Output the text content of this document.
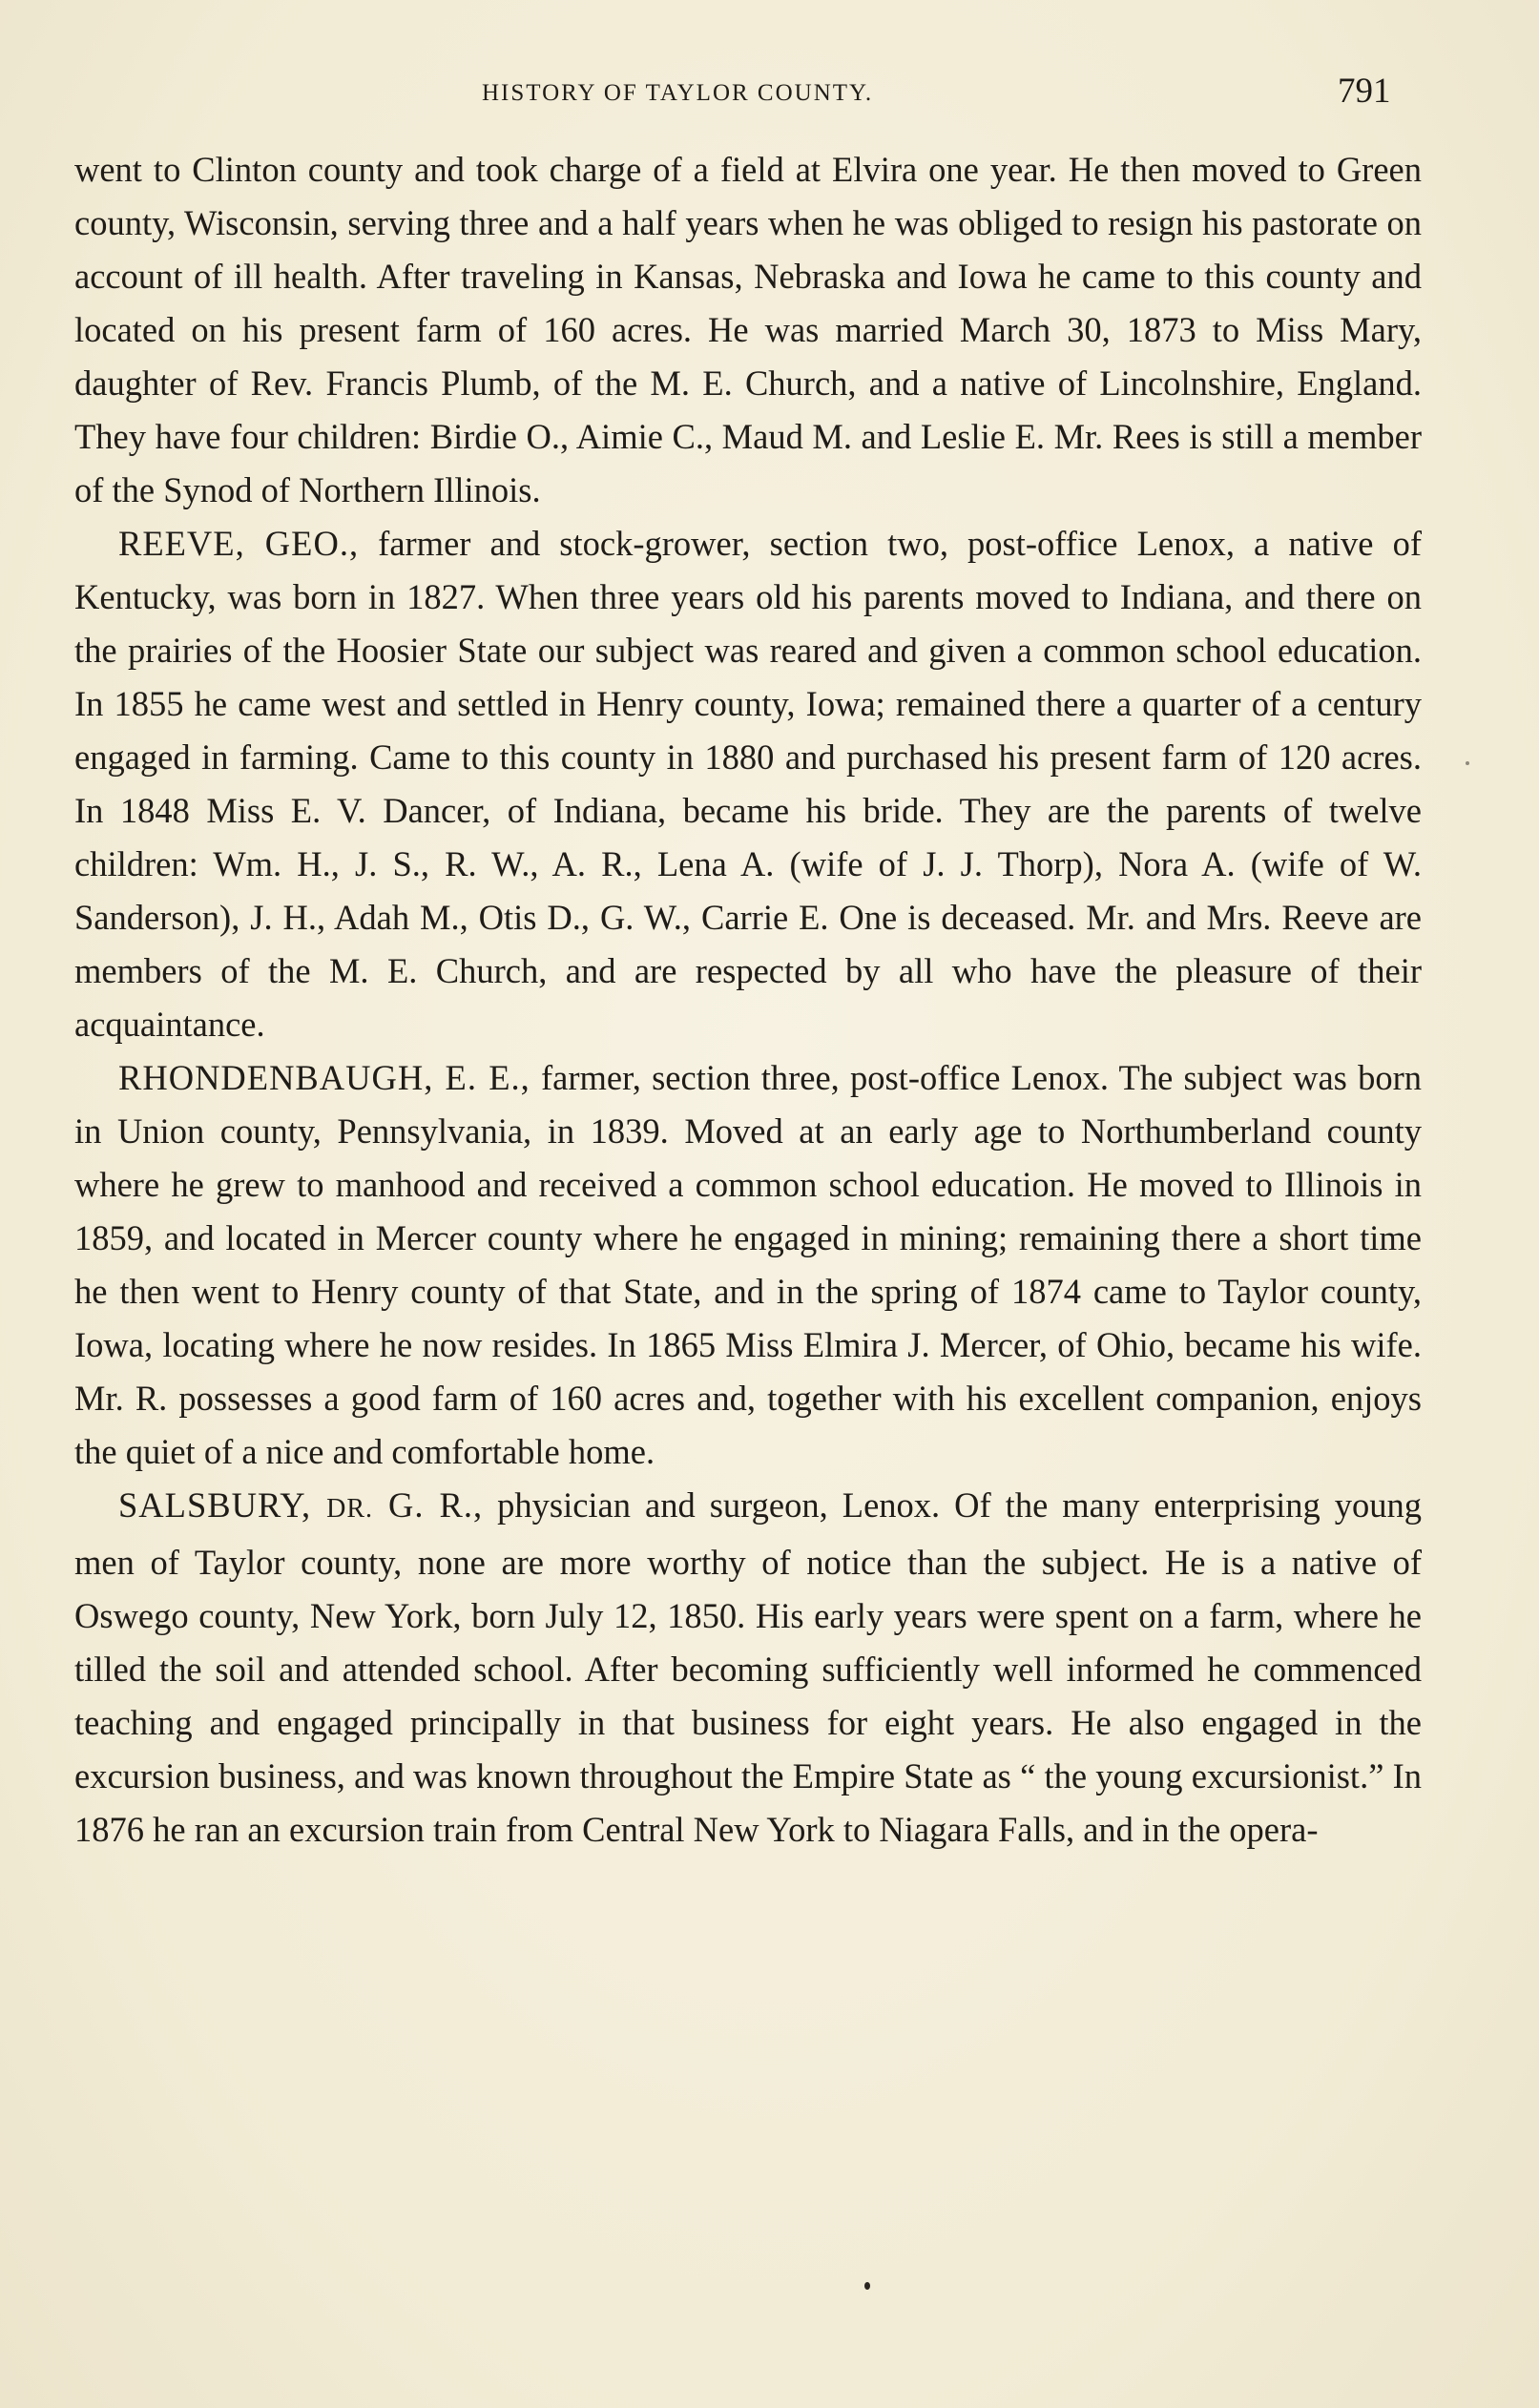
HISTORY OF TAYLOR COUNTY.	791

went to Clinton county and took charge of a field at Elvira one year. He then moved to Green county, Wisconsin, serving three and a half years when he was obliged to resign his pastorate on account of ill health. After traveling in Kansas, Nebraska and Iowa he came to this county and located on his present farm of 160 acres. He was married March 30, 1873 to Miss Mary, daughter of Rev. Francis Plumb, of the M. E. Church, and a native of Lincolnshire, England. They have four children: Birdie O., Aimie C., Maud M. and Leslie E. Mr. Rees is still a member of the Synod of Northern Illinois.

REEVE, GEO., farmer and stock-grower, section two, post-office Lenox, a native of Kentucky, was born in 1827. When three years old his parents moved to Indiana, and there on the prairies of the Hoosier State our subject was reared and given a common school education. In 1855 he came west and settled in Henry county, Iowa; remained there a quarter of a century engaged in farming. Came to this county in 1880 and purchased his present farm of 120 acres. In 1848 Miss E. V. Dancer, of Indiana, became his bride. They are the parents of twelve children: Wm. H., J. S., R. W., A. R., Lena A. (wife of J. J. Thorp), Nora A. (wife of W. Sanderson), J. H., Adah M., Otis D., G. W., Carrie E. One is deceased. Mr. and Mrs. Reeve are members of the M. E. Church, and are respected by all who have the pleasure of their acquaintance.

RHONDENBAUGH, E. E., farmer, section three, post-office Lenox. The subject was born in Union county, Pennsylvania, in 1839. Moved at an early age to Northumberland county where he grew to manhood and received a common school education. He moved to Illinois in 1859, and located in Mercer county where he engaged in mining; remaining there a short time he then went to Henry county of that State, and in the spring of 1874 came to Taylor county, Iowa, locating where he now resides. In 1865 Miss Elmira J. Mercer, of Ohio, became his wife. Mr. R. possesses a good farm of 160 acres and, together with his excellent companion, enjoys the quiet of a nice and comfortable home.

SALSBURY, DR. G. R., physician and surgeon, Lenox. Of the many enterprising young men of Taylor county, none are more worthy of notice than the subject. He is a native of Oswego county, New York, born July 12, 1850. His early years were spent on a farm, where he tilled the soil and attended school. After becoming sufficiently well informed he commenced teaching and engaged principally in that business for eight years. He also engaged in the excursion business, and was known throughout the Empire State as “ the young excursionist.” In 1876 he ran an excursion train from Central New York to Niagara Falls, and in the opera-
